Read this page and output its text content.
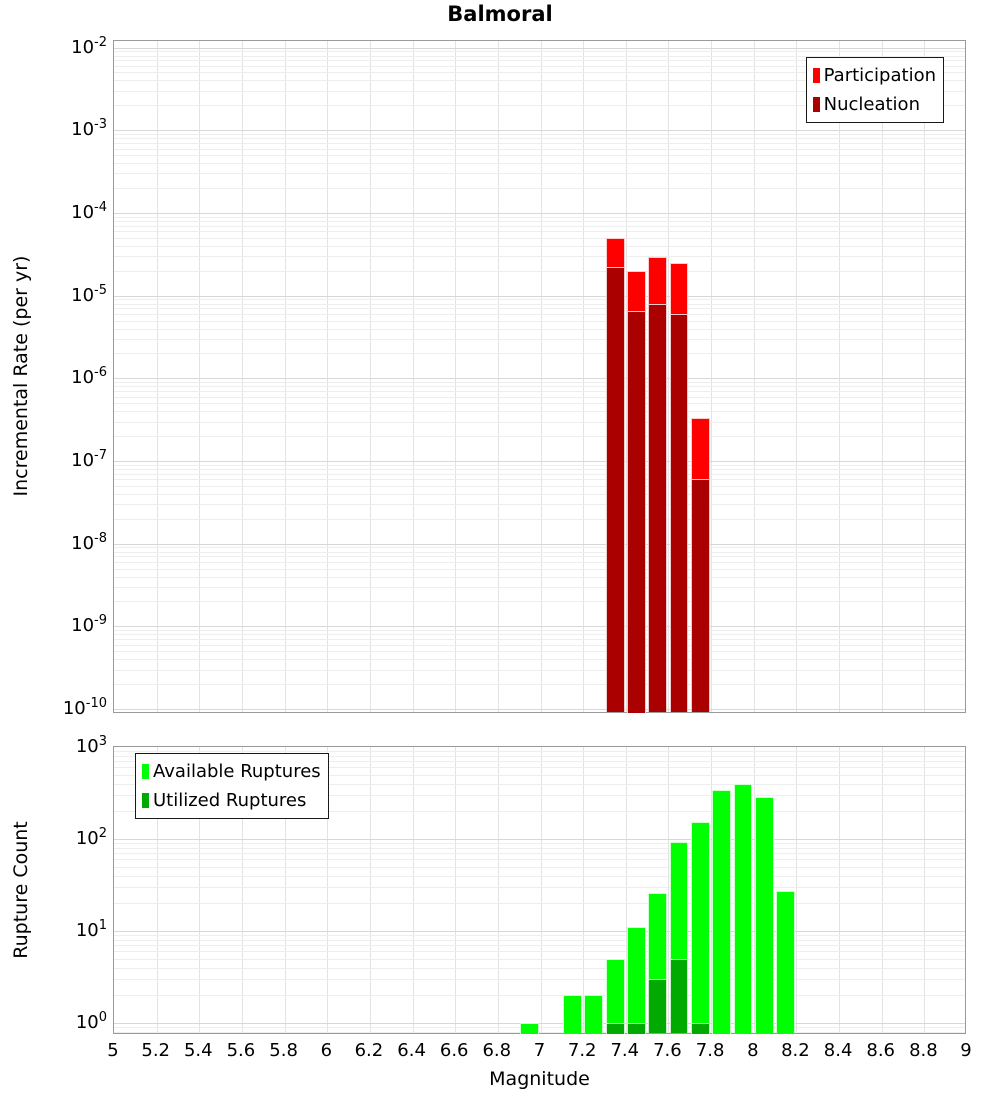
Balmoral
Incremental Rate (per yr)
Rupture Count
Magnitude
Participation
Nucleation
Available Ruptures
Utilized Ruptures
$10^{-2}$
$10^{-3}$
$10^{-4}$
$10^{-5}$
$10^{-6}$
$10^{-7}$
$10^{-8}$
$10^{-9}$
$10^{-10}$
$10^3$
$10^2$
$10^1$
$10^0$
5 5.2 5.4 5.6 5.8 6 6.2 6.4 6.6 6.8 7 7.2 7.4 7.6 7.8 8 8.2 8.4 8.6 8.8 9
